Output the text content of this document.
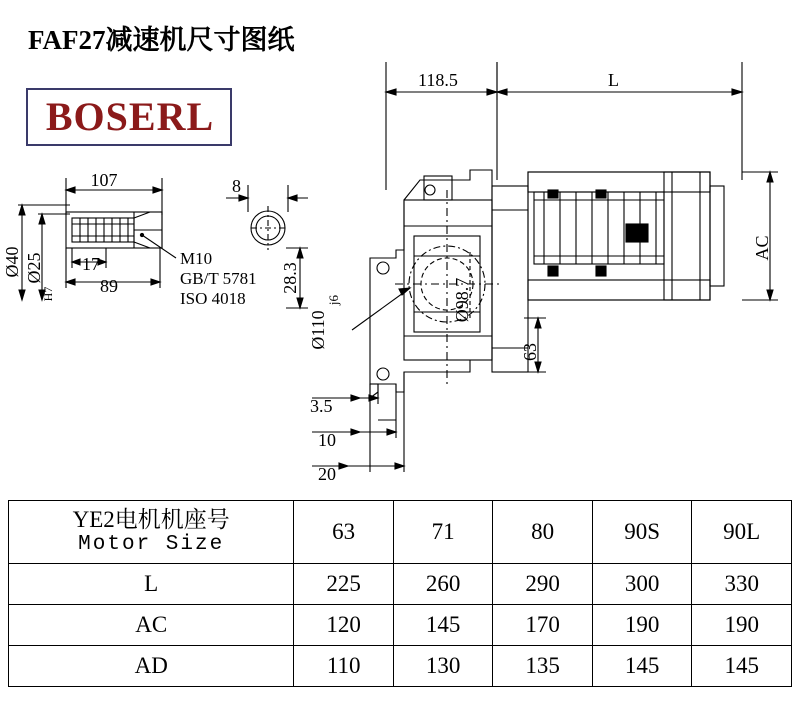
FAF27减速机尺寸图纸
BOSERL
118.5	L
107	8
17
89
3.5
10
20
AC
63
Ø98.7
Ø110
j6
Ø40 Ø25
H7
28.3
M10
GB/T 5781
ISO 4018
YE2电机机座号
Motor Size	63	71	80	90S	90L
L	225	260	290	300	330
AC	120	145	170	190	190
AD	110	130	135	145	145
